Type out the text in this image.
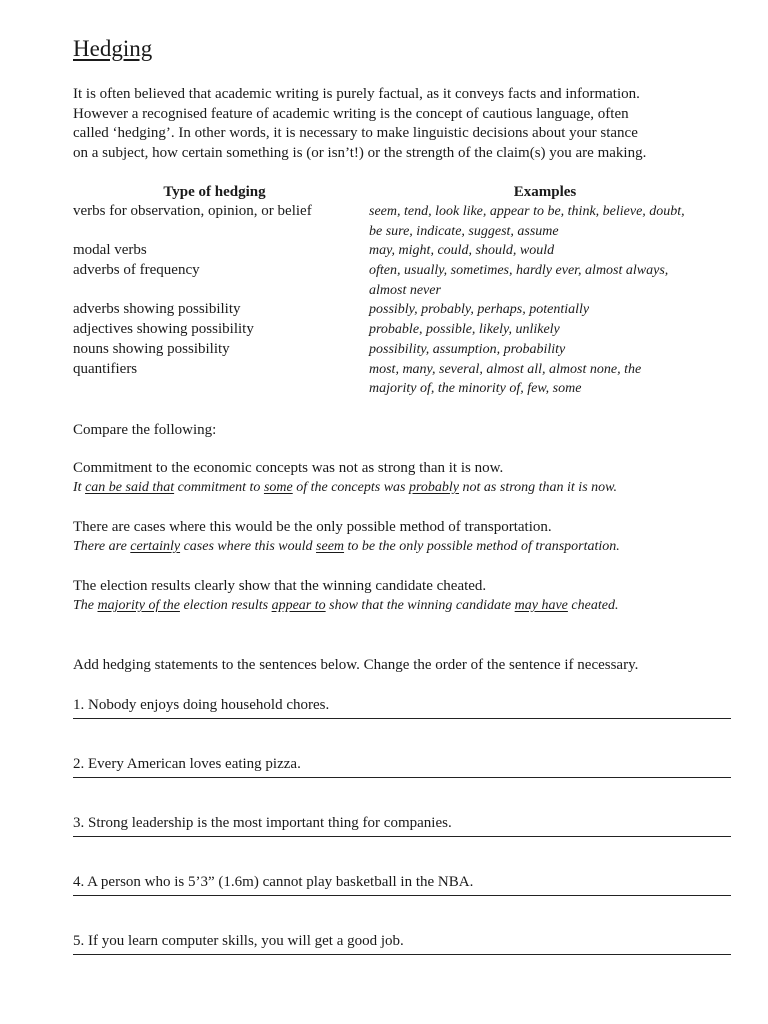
Hedging
It is often believed that academic writing is purely factual, as it conveys facts and information.
However a recognised feature of academic writing is the concept of cautious language, often
called ‘hedging’. In other words, it is necessary to make linguistic decisions about your stance
on a subject, how certain something is (or isn’t!) or the strength of the claim(s) you are making.
Type of hedging	Examples
verbs for observation, opinion, or belief	seem, tend, look like, appear to be, think, believe, doubt,
be sure, indicate, suggest, assume
modal verbs	may, might, could, should, would
adverbs of frequency	often, usually, sometimes, hardly ever, almost always,
almost never
adverbs showing possibility	possibly, probably, perhaps, potentially
adjectives showing possibility	probable, possible, likely, unlikely
nouns showing possibility	possibility, assumption, probability
quantifiers	most, many, several, almost all, almost none, the
majority of, the minority of, few, some
Compare the following:
Commitment to the economic concepts was not as strong than it is now.
It can be said that commitment to some of the concepts was probably not as strong than it is now.
There are cases where this would be the only possible method of transportation.
There are certainly cases where this would seem to be the only possible method of transportation.
The election results clearly show that the winning candidate cheated.
The majority of the election results appear to show that the winning candidate may have cheated.
Add hedging statements to the sentences below. Change the order of the sentence if necessary.
1. Nobody enjoys doing household chores.
2. Every American loves eating pizza.
3. Strong leadership is the most important thing for companies.
4. A person who is 5’3” (1.6m) cannot play basketball in the NBA.
5. If you learn computer skills, you will get a good job.
